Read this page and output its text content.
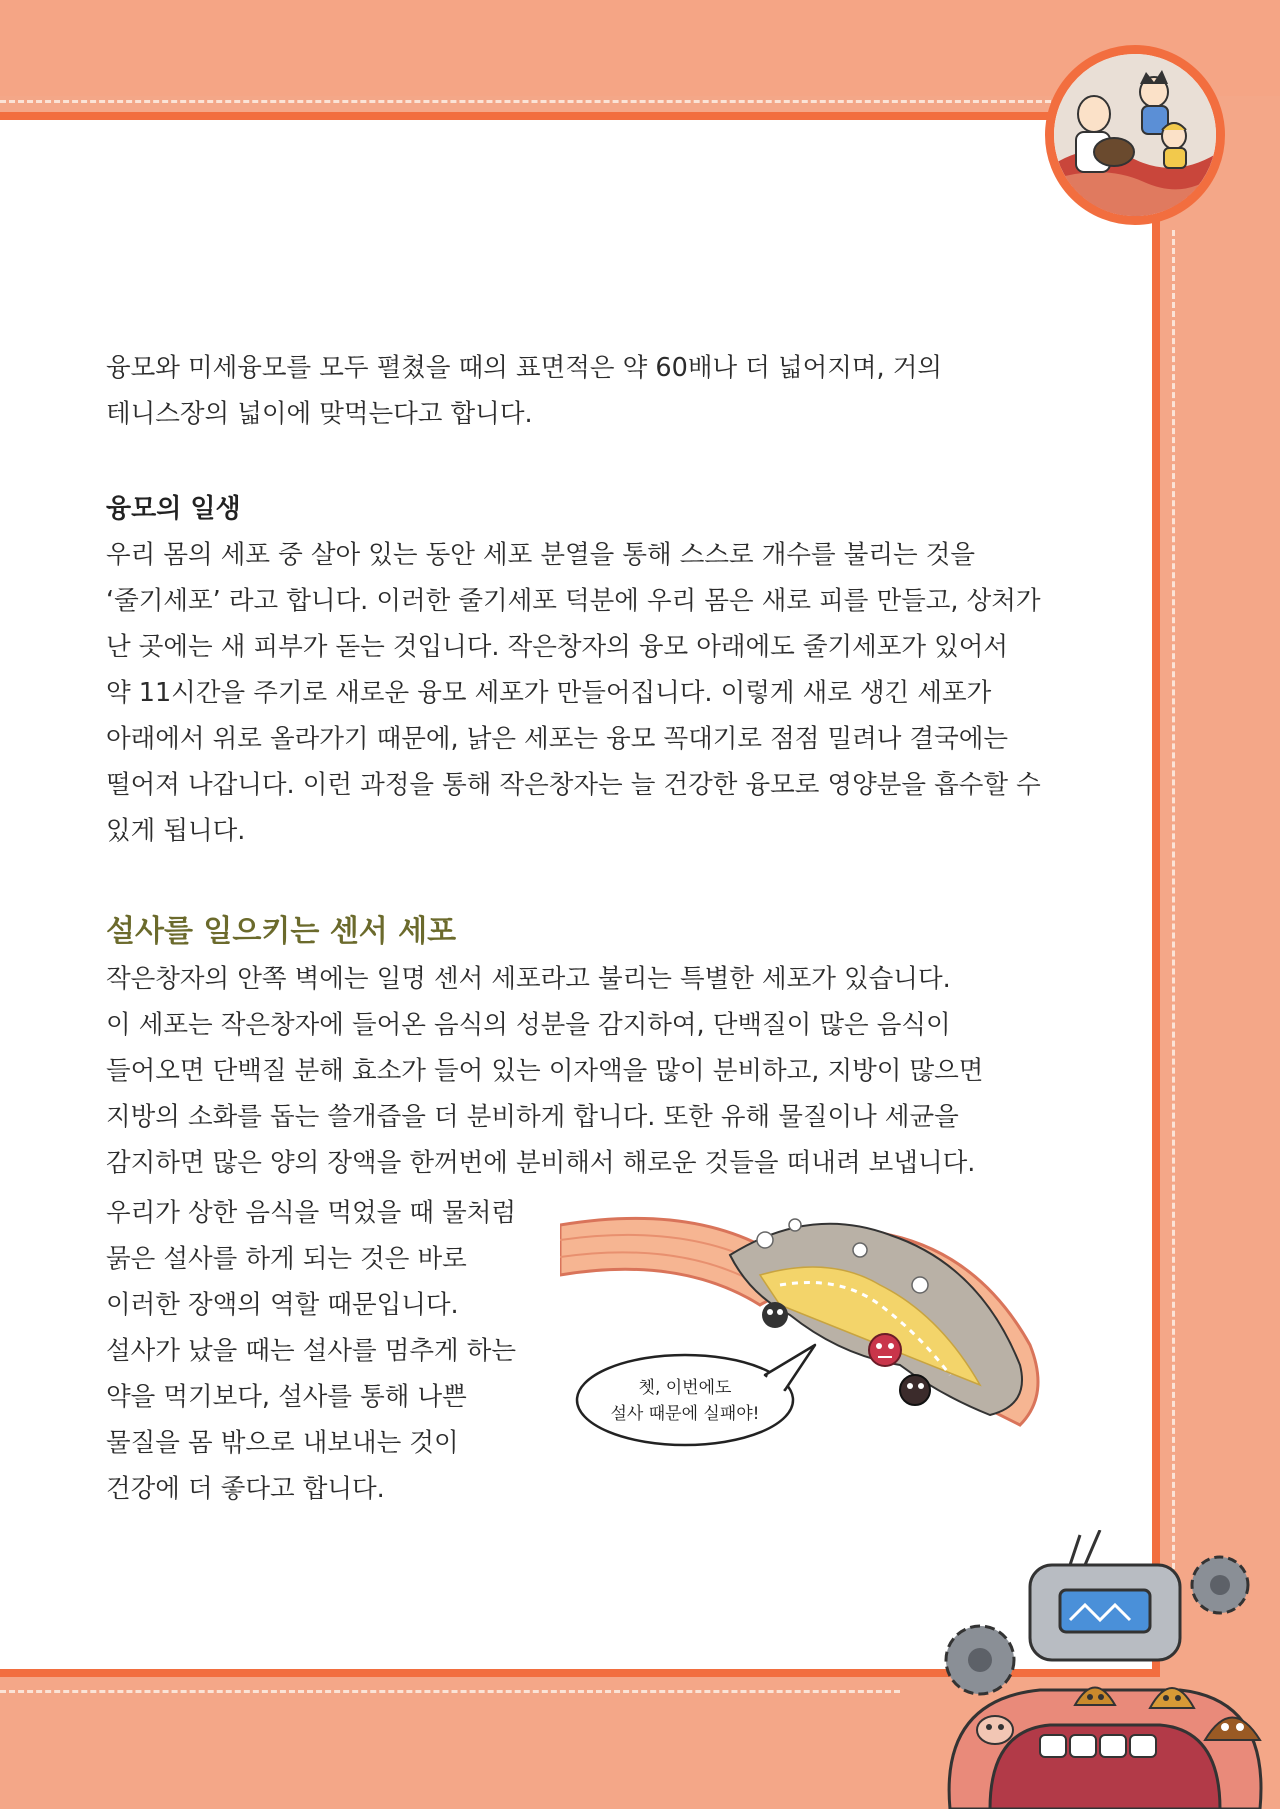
융모와 미세융모를 모두 펼쳤을 때의 표면적은 약 60배나 더 넓어지며, 거의
테니스장의 넓이에 맞먹는다고 합니다.

융모의 일생

우리 몸의 세포 중 살아 있는 동안 세포 분열을 통해 스스로 개수를 불리는 것을
‘줄기세포’ 라고 합니다. 이러한 줄기세포 덕분에 우리 몸은 새로 피를 만들고, 상처가
난 곳에는 새 피부가 돋는 것입니다. 작은창자의 융모 아래에도 줄기세포가 있어서
약 11시간을 주기로 새로운 융모 세포가 만들어집니다. 이렇게 새로 생긴 세포가
아래에서 위로 올라가기 때문에, 낡은 세포는 융모 꼭대기로 점점 밀려나 결국에는
떨어져 나갑니다. 이런 과정을 통해 작은창자는 늘 건강한 융모로 영양분을 흡수할 수
있게 됩니다.

설사를 일으키는 센서 세포

작은창자의 안쪽 벽에는 일명 센서 세포라고 불리는 특별한 세포가 있습니다.
이 세포는 작은창자에 들어온 음식의 성분을 감지하여, 단백질이 많은 음식이
들어오면 단백질 분해 효소가 들어 있는 이자액을 많이 분비하고, 지방이 많으면
지방의 소화를 돕는 쓸개즙을 더 분비하게 합니다. 또한 유해 물질이나 세균을
감지하면 많은 양의 장액을 한꺼번에 분비해서 해로운 것들을 떠내려 보냅니다.

우리가 상한 음식을 먹었을 때 물처럼
묽은 설사를 하게 되는 것은 바로
이러한 장액의 역할 때문입니다.
설사가 났을 때는 설사를 멈추게 하는
약을 먹기보다, 설사를 통해 나쁜
물질을 몸 밖으로 내보내는 것이
건강에 더 좋다고 합니다.

쳇, 이번에도
설사 때문에 실패야!
